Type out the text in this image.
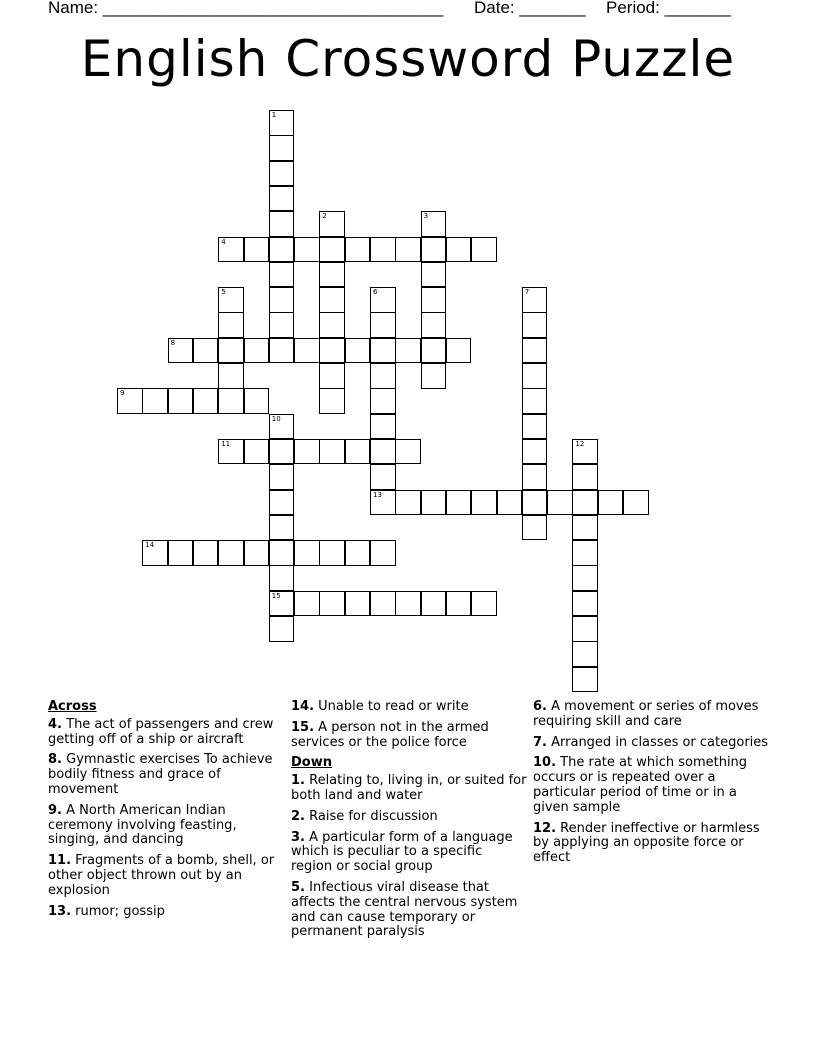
Name: ____________________________________ Date: _______ Period: _______
English Crossword Puzzle
1
2	3
4
5	6
13
7
8
9
10
15
11	12
14
Across
4. The act of passengers and crew getting off of a ship or aircraft
8. Gymnastic exercises To achieve bodily fitness and grace of movement
9. A North American Indian ceremony involving feasting, singing, and dancing
11. Fragments of a bomb, shell, or other object thrown out by an explosion
13. rumor; gossip
14. Unable to read or write
15. A person not in the armed services or the police force
Down
1. Relating to, living in, or suited for both land and water
2. Raise for discussion
3. A particular form of a language which is peculiar to a specific region or social group
5. Infectious viral disease that affects the central nervous system and can cause temporary or permanent paralysis
6. A movement or series of moves requiring skill and care
7. Arranged in classes or categories
10. The rate at which something occurs or is repeated over a particular period of time or in a given sample
12. Render ineffective or harmless by applying an opposite force or effect
